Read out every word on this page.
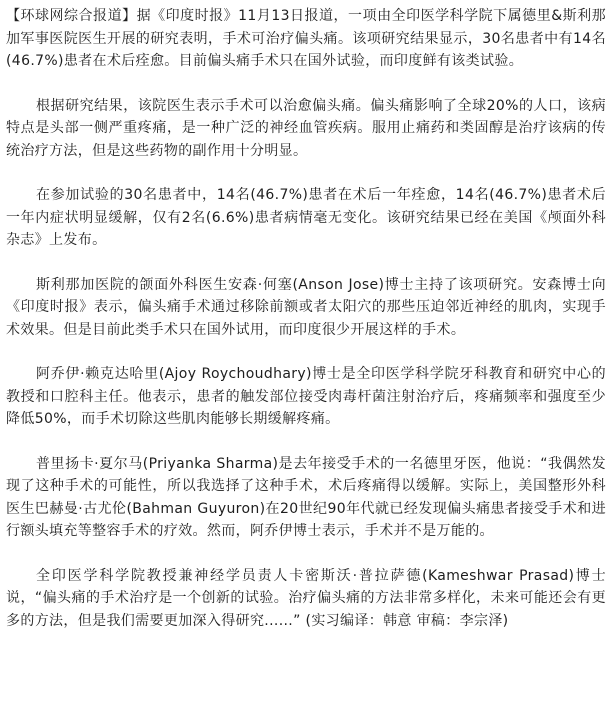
【环球网综合报道】据《印度时报》11月13日报道，一项由全印医学科学院下属德里&斯利那加军事医院医生开展的研究表明，手术可治疗偏头痛。该项研究结果显示，30名患者中有14名(46.7%)患者在术后痊愈。目前偏头痛手术只在国外试验，而印度鲜有该类试验。

根据研究结果，该院医生表示手术可以治愈偏头痛。偏头痛影响了全球20%的人口，该病特点是头部一侧严重疼痛，是一种广泛的神经血管疾病。服用止痛药和类固醇是治疗该病的传统治疗方法，但是这些药物的副作用十分明显。

在参加试验的30名患者中，14名(46.7%)患者在术后一年痊愈，14名(46.7%)患者术后一年内症状明显缓解，仅有2名(6.6%)患者病情毫无变化。该研究结果已经在美国《颅面外科杂志》上发布。

斯利那加医院的颌面外科医生安森·何塞(Anson Jose)博士主持了该项研究。安森博士向《印度时报》表示，偏头痛手术通过移除前额或者太阳穴的那些压迫邻近神经的肌肉，实现手术效果。但是目前此类手术只在国外试用，而印度很少开展这样的手术。

阿乔伊·赖克达哈里(Ajoy Roychoudhary)博士是全印医学科学院牙科教育和研究中心的教授和口腔科主任。他表示，患者的触发部位接受肉毒杆菌注射治疗后，疼痛频率和强度至少降低50%，而手术切除这些肌肉能够长期缓解疼痛。

普里扬卡·夏尔马(Priyanka Sharma)是去年接受手术的一名德里牙医，他说：“我偶然发现了这种手术的可能性，所以我选择了这种手术，术后疼痛得以缓解。实际上，美国整形外科医生巴赫曼·古尤伦(Bahman Guyuron)在20世纪90年代就已经发现偏头痛患者接受手术和进行额头填充等整容手术的疗效。然而，阿乔伊博士表示，手术并不是万能的。

全印医学科学院教授兼神经学员责人卡密斯沃·普拉萨德(Kameshwar Prasad)博士说，“偏头痛的手术治疗是一个创新的试验。治疗偏头痛的方法非常多样化，未来可能还会有更多的方法，但是我们需要更加深入得研究......” (实习编译：韩意 审稿：李宗泽)
